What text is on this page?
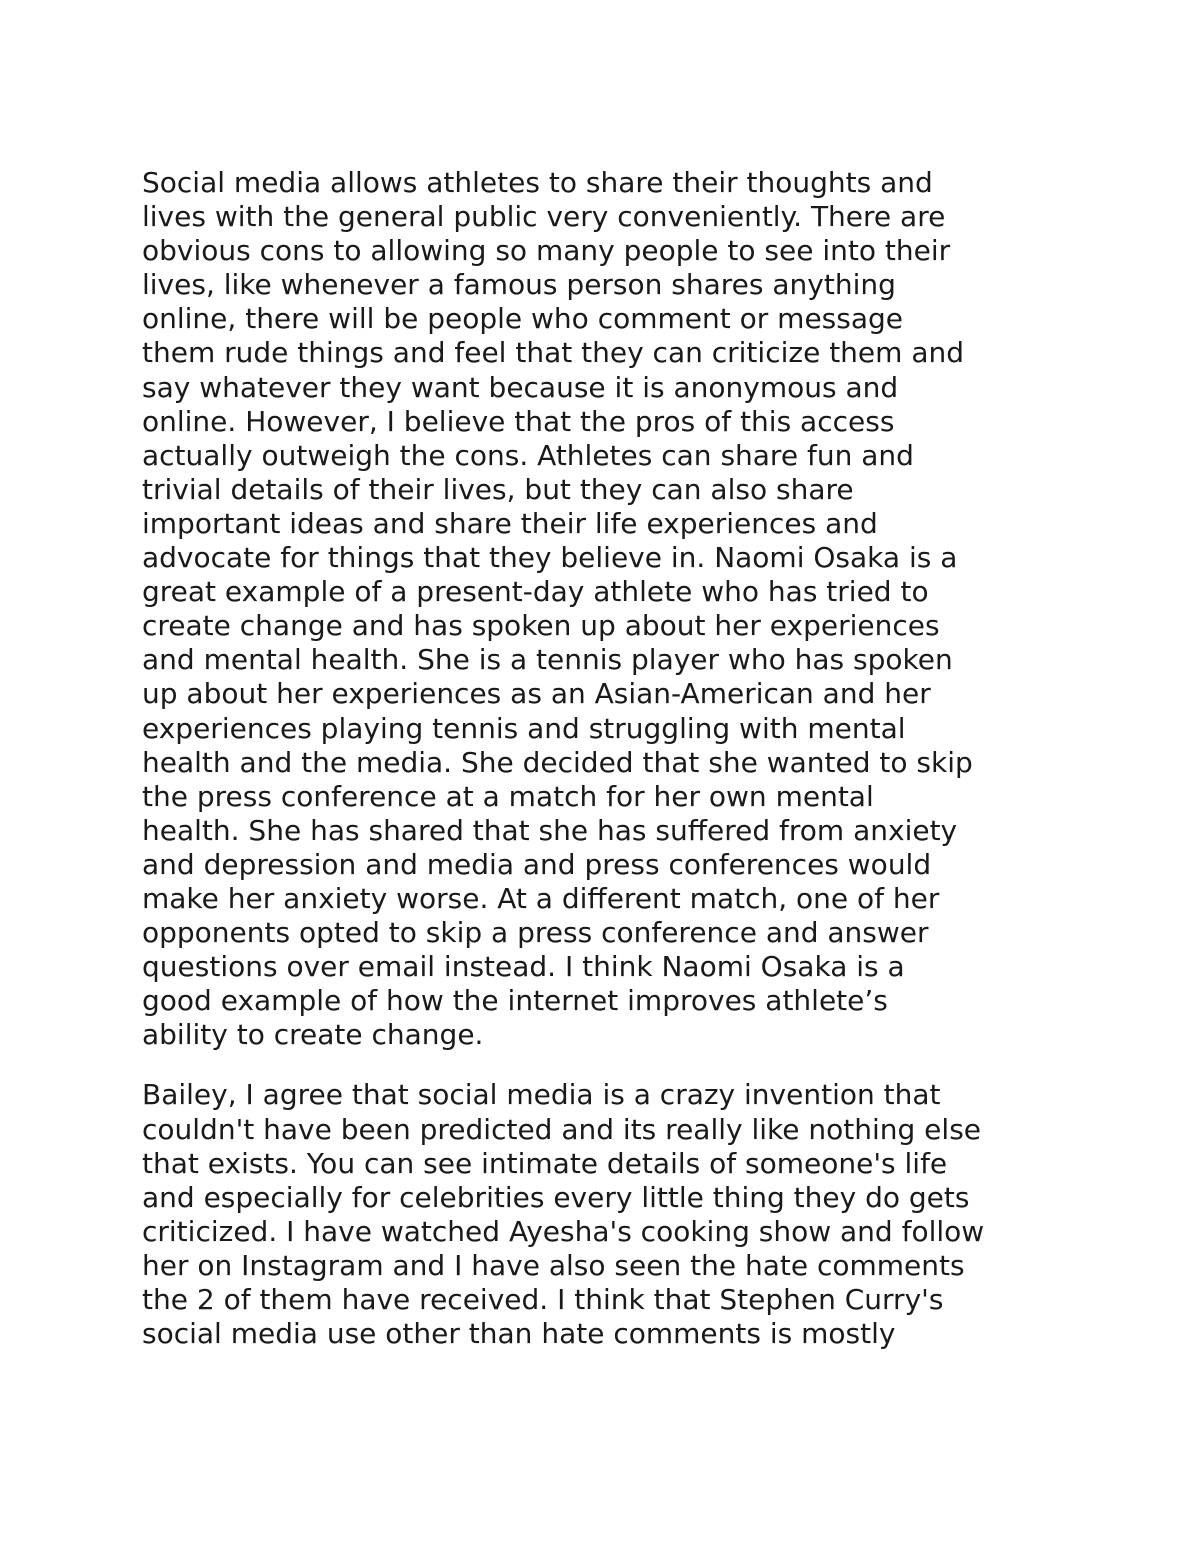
Social media allows athletes to share their thoughts and
lives with the general public very conveniently. There are
obvious cons to allowing so many people to see into their
lives, like whenever a famous person shares anything
online, there will be people who comment or message
them rude things and feel that they can criticize them and
say whatever they want because it is anonymous and
online. However, I believe that the pros of this access
actually outweigh the cons. Athletes can share fun and
trivial details of their lives, but they can also share
important ideas and share their life experiences and
advocate for things that they believe in. Naomi Osaka is a
great example of a present-day athlete who has tried to
create change and has spoken up about her experiences
and mental health. She is a tennis player who has spoken
up about her experiences as an Asian-American and her
experiences playing tennis and struggling with mental
health and the media. She decided that she wanted to skip
the press conference at a match for her own mental
health. She has shared that she has suffered from anxiety
and depression and media and press conferences would
make her anxiety worse. At a different match, one of her
opponents opted to skip a press conference and answer
questions over email instead. I think Naomi Osaka is a
good example of how the internet improves athlete’s
ability to create change.
Bailey, I agree that social media is a crazy invention that
couldn't have been predicted and its really like nothing else
that exists. You can see intimate details of someone's life
and especially for celebrities every little thing they do gets
criticized. I have watched Ayesha's cooking show and follow
her on Instagram and I have also seen the hate comments
the 2 of them have received. I think that Stephen Curry's
social media use other than hate comments is mostly
